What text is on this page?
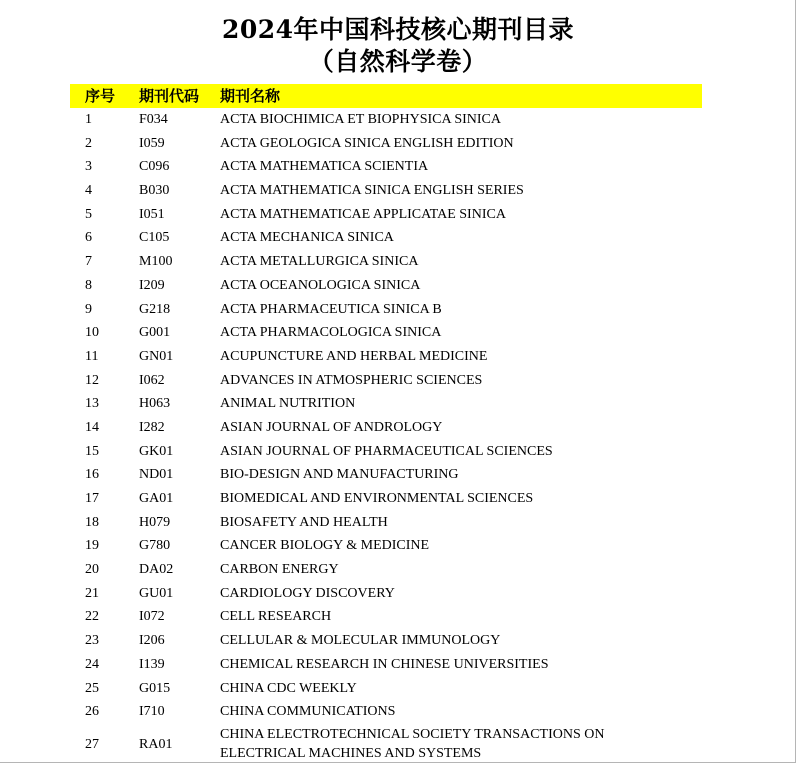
2024年中国科技核心期刊目录
（自然科学卷）
序号 期刊代码 期刊名称
1	F034	ACTA BIOCHIMICA ET BIOPHYSICA SINICA
2	I059	ACTA GEOLOGICA SINICA ENGLISH EDITION
3	C096	ACTA MATHEMATICA SCIENTIA
4	B030	ACTA MATHEMATICA SINICA ENGLISH SERIES
5	I051	ACTA MATHEMATICAE APPLICATAE SINICA
6	C105	ACTA MECHANICA SINICA
7	M100	ACTA METALLURGICA SINICA
8	I209	ACTA OCEANOLOGICA SINICA
9	G218	ACTA PHARMACEUTICA SINICA B
10	G001	ACTA PHARMACOLOGICA SINICA
11	GN01	ACUPUNCTURE AND HERBAL MEDICINE
12	I062	ADVANCES IN ATMOSPHERIC SCIENCES
13	H063	ANIMAL NUTRITION
14	I282	ASIAN JOURNAL OF ANDROLOGY
15	GK01	ASIAN JOURNAL OF PHARMACEUTICAL SCIENCES
16	ND01	BIO-DESIGN AND MANUFACTURING
17	GA01	BIOMEDICAL AND ENVIRONMENTAL SCIENCES
18	H079	BIOSAFETY AND HEALTH
19	G780	CANCER BIOLOGY & MEDICINE
20	DA02	CARBON ENERGY
21	GU01	CARDIOLOGY DISCOVERY
22	I072	CELL RESEARCH
23	I206	CELLULAR & MOLECULAR IMMUNOLOGY
24	I139	CHEMICAL RESEARCH IN CHINESE UNIVERSITIES
25	G015	CHINA CDC WEEKLY
26	I710	CHINA COMMUNICATIONS
27	RA01
CHINA ELECTROTECHNICAL SOCIETY TRANSACTIONS ON ELECTRICAL MACHINES AND SYSTEMS
